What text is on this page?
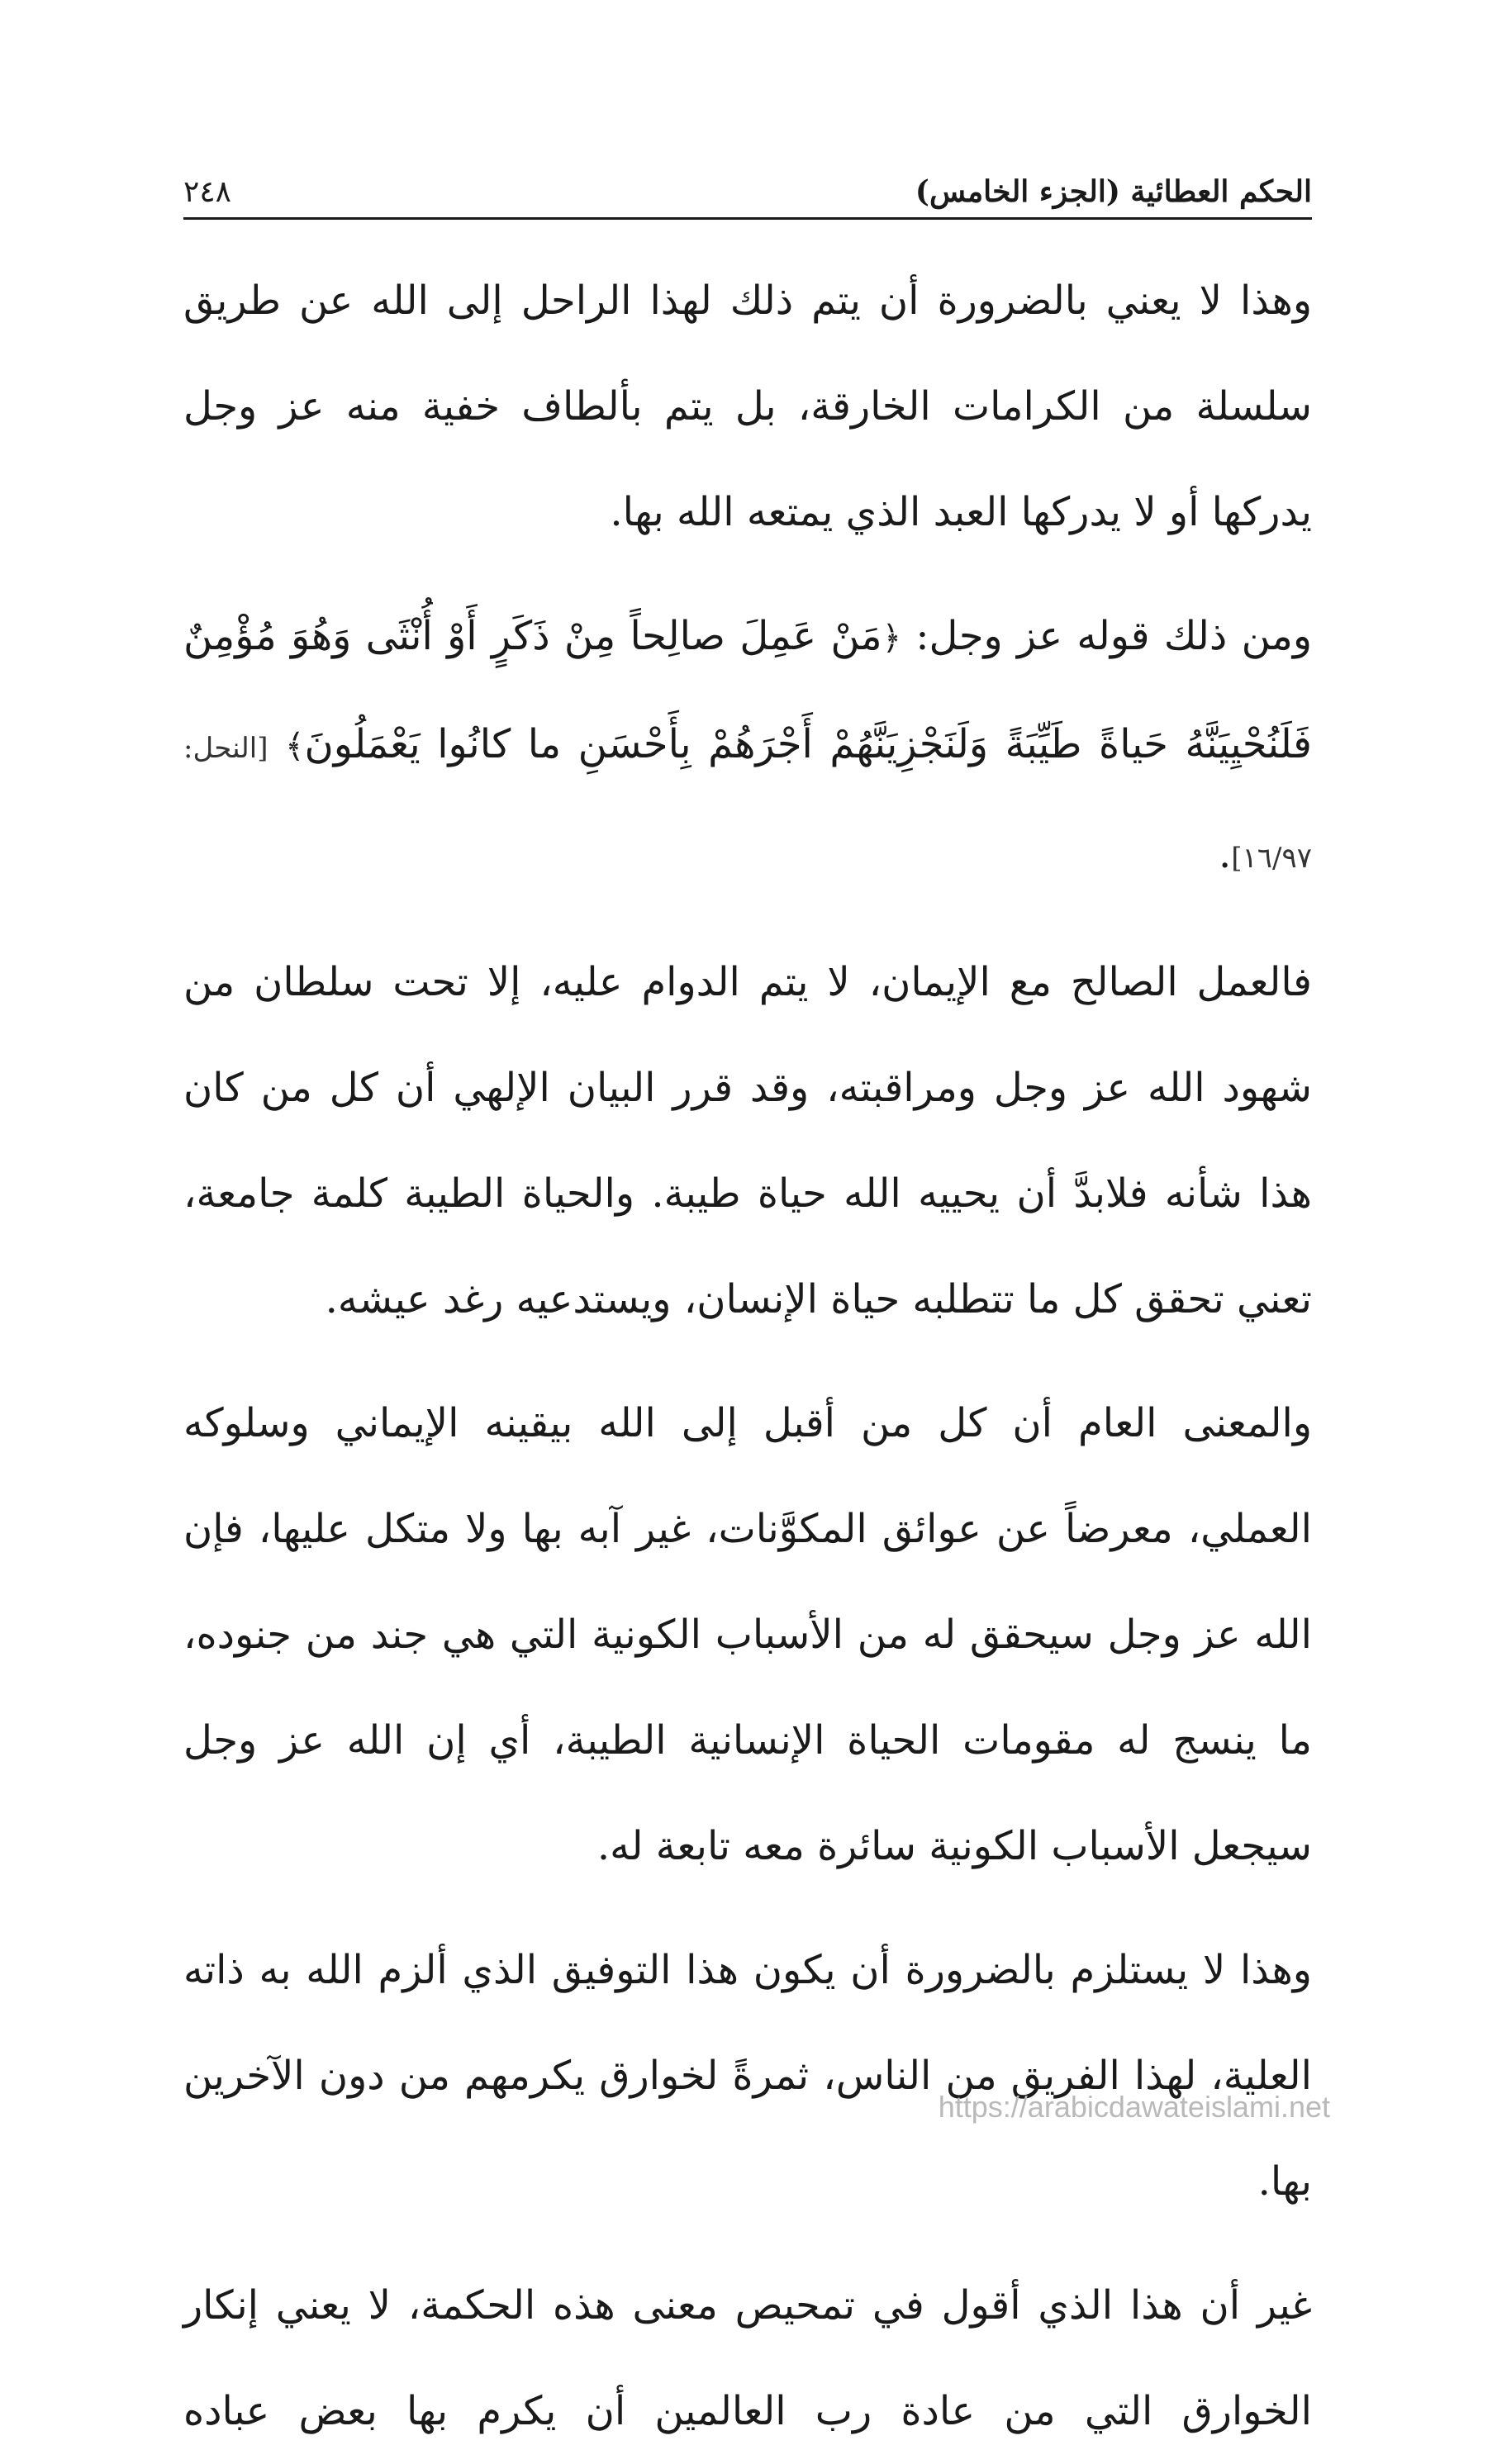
الحكم العطائية (الجزء الخامس)
٢٤٨

وهذا لا يعني بالضرورة أن يتم ذلك لهذا الراحل إلى الله عن طريق سلسلة من الكرامات الخارقة، بل يتم بألطاف خفية منه عز وجل يدركها أو لا يدركها العبد الذي يمتعه الله بها.

ومن ذلك قوله عز وجل: ﴿مَنْ عَمِلَ صالِحاً مِنْ ذَكَرٍ أَوْ أُنْثَى وَهُوَ مُؤْمِنٌ فَلَنُحْيِيَنَّهُ حَياةً طَيِّبَةً وَلَنَجْزِيَنَّهُمْ أَجْرَهُمْ بِأَحْسَنِ ما كانُوا يَعْمَلُونَ﴾ [النحل: ١٦/٩٧].

فالعمل الصالح مع الإيمان، لا يتم الدوام عليه، إلا تحت سلطان من شهود الله عز وجل ومراقبته، وقد قرر البيان الإلهي أن كل من كان هذا شأنه فلابدَّ أن يحييه الله حياة طيبة. والحياة الطيبة كلمة جامعة، تعني تحقق كل ما تتطلبه حياة الإنسان، ويستدعيه رغد عيشه.

والمعنى العام أن كل من أقبل إلى الله بيقينه الإيماني وسلوكه العملي، معرضاً عن عوائق المكوَّنات، غير آبه بها ولا متكل عليها، فإن الله عز وجل سيحقق له من الأسباب الكونية التي هي جند من جنوده، ما ينسج له مقومات الحياة الإنسانية الطيبة، أي إن الله عز وجل سيجعل الأسباب الكونية سائرة معه تابعة له.

وهذا لا يستلزم بالضرورة أن يكون هذا التوفيق الذي ألزم الله به ذاته العلية، لهذا الفريق من الناس، ثمرةً لخوارق يكرمهم من دون الآخرين بها.

غير أن هذا الذي أقول في تمحيص معنى هذه الحكمة، لا يعني إنكار الخوارق التي من عادة رب العالمين أن يكرم بها بعض عباده

https://arabicdawateislami.net
